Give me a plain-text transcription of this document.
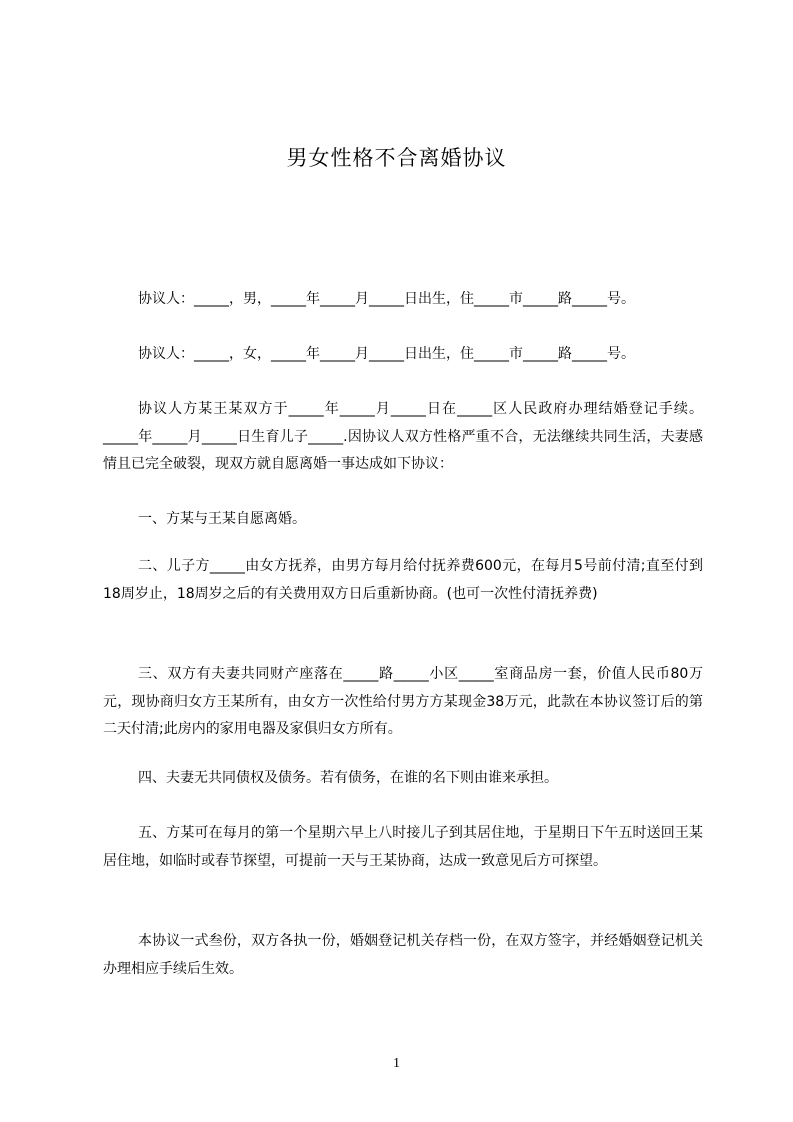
男女性格不合离婚协议
协议人：_____，男，_____年_____月_____日出生，住_____市_____路_____号。
协议人：_____，女，_____年_____月_____日出生，住_____市_____路_____号。
协议人方某王某双方于_____年_____月_____日在_____区人民政府办理结婚登记手续。_____年_____月_____日生育儿子_____.因协议人双方性格严重不合，无法继续共同生活，夫妻感情且已完全破裂，现双方就自愿离婚一事达成如下协议：
一、方某与王某自愿离婚。
二、儿子方_____由女方抚养，由男方每月给付抚养费600元，在每月5号前付清;直至付到18周岁止，18周岁之后的有关费用双方日后重新协商。(也可一次性付清抚养费)
三、双方有夫妻共同财产座落在_____路_____小区_____室商品房一套，价值人民币80万元，现协商归女方王某所有，由女方一次性给付男方方某现金38万元，此款在本协议签订后的第二天付清;此房内的家用电器及家俱归女方所有。
四、夫妻无共同债权及债务。若有债务，在谁的名下则由谁来承担。
五、方某可在每月的第一个星期六早上八时接儿子到其居住地，于星期日下午五时送回王某居住地，如临时或春节探望，可提前一天与王某协商，达成一致意见后方可探望。
本协议一式叁份，双方各执一份，婚姻登记机关存档一份，在双方签字，并经婚姻登记机关办理相应手续后生效。
1
